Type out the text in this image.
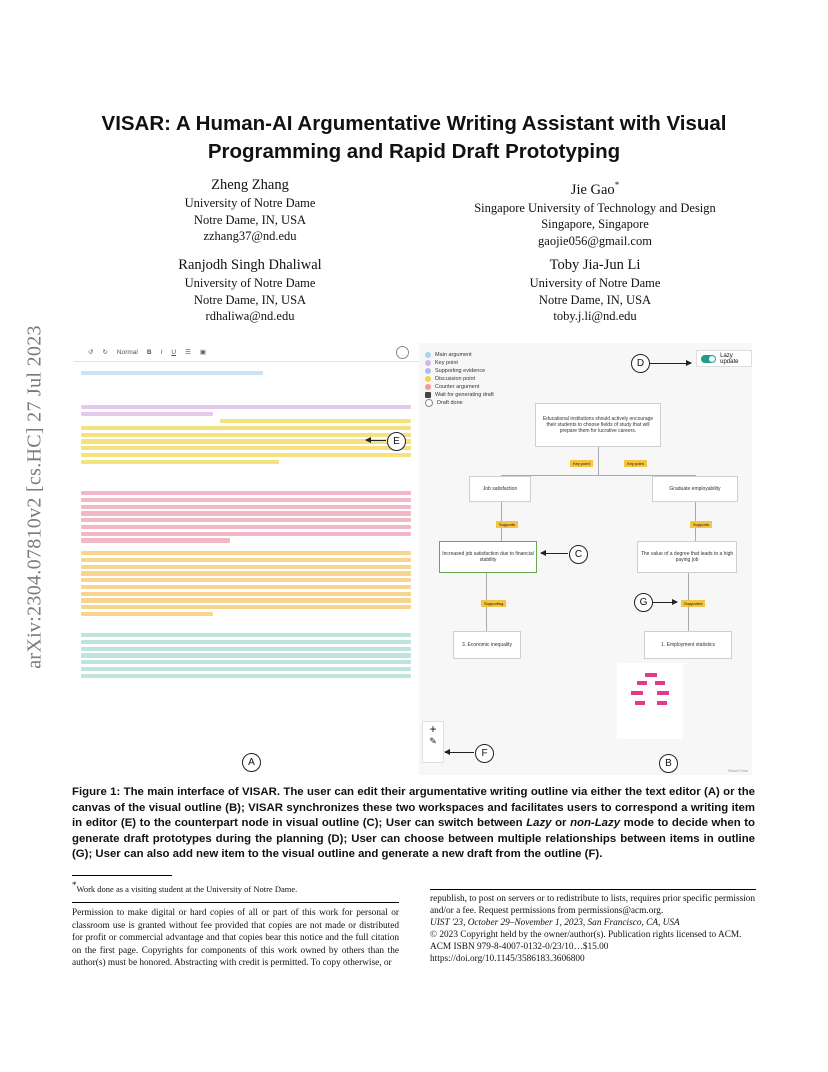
arXiv:2304.07810v2 [cs.HC] 27 Jul 2023
VISAR: A Human-AI Argumentative Writing Assistant with Visual
Programming and Rapid Draft Prototyping
Zheng Zhang
University of Notre Dame
Notre Dame, IN, USA
zzhang37@nd.edu
Jie Gao*
Singapore University of Technology and Design
Singapore, Singapore
gaojie056@gmail.com
Ranjodh Singh Dhaliwal
University of Notre Dame
Notre Dame, IN, USA
rdhaliwa@nd.edu
Toby Jia-Jun Li
University of Notre Dame
Notre Dame, IN, USA
toby.j.li@nd.edu
↺ ↻ Normal B I U ☰ ▣
A
E
Main argument
Key point
Supporting evidence
Discussion point
Counter argument
Wait for generating draft
Draft done
D
Lazy update
Educational institutions should actively encourage their students to choose fields of study that will prepare them for lucrative careers.
Key point	Key point
Job satisfaction	Graduate employability
Supports	Supports
Increased job satisfaction due to financial stability	C	The value of a degree that leads to a high paying job
Supporting	Supported
G
3. Economic inequality	1. Employment statistics
+
✎
F
B
React Flow
Figure 1: The main interface of VISAR. The user can edit their argumentative writing outline via either the text editor (A) or the canvas of the visual outline (B); VISAR synchronizes these two workspaces and facilitates users to correspond a writing item in editor (E) to the counterpart node in visual outline (C); User can switch between Lazy or non-Lazy mode to decide when to generate draft prototypes during the planning (D); User can choose between multiple relationships between items in outline (G); User can also add new item to the visual outline and generate a new draft from the outline (F).
*Work done as a visiting student at the University of Notre Dame.
Permission to make digital or hard copies of all or part of this work for personal or classroom use is granted without fee provided that copies are not made or distributed for profit or commercial advantage and that copies bear this notice and the full citation on the first page. Copyrights for components of this work owned by others than the author(s) must be honored. Abstracting with credit is permitted. To copy otherwise, or

republish, to post on servers or to redistribute to lists, requires prior specific permission and/or a fee. Request permissions from permissions@acm.org.

UIST '23, October 29–November 1, 2023, San Francisco, CA, USA

© 2023 Copyright held by the owner/author(s). Publication rights licensed to ACM.

ACM ISBN 979-8-4007-0132-0/23/10…$15.00

https://doi.org/10.1145/3586183.3606800
